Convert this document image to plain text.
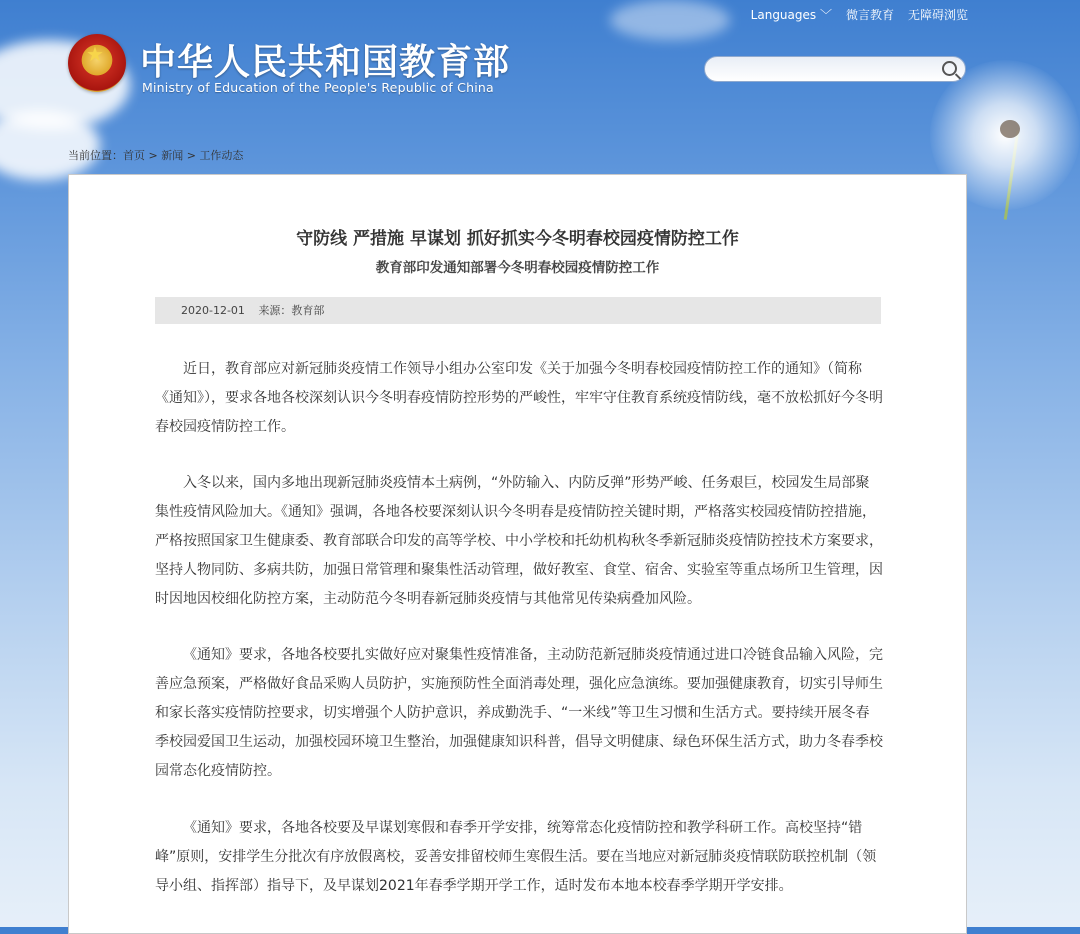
Languages ﹀ 微言教育 无障碍浏览
★ 中华人民共和国教育部
Ministry of Education of the People's Republic of China
当前位置：首页 > 新闻 > 工作动态
守防线 严措施 早谋划 抓好抓实今冬明春校园疫情防控工作
教育部印发通知部署今冬明春校园疫情防控工作
2020-12-01 来源：教育部

近日，教育部应对新冠肺炎疫情工作领导小组办公室印发《关于加强今冬明春校园疫情防控工作的通知》（简称《通知》），要求各地各校深刻认识今冬明春疫情防控形势的严峻性，牢牢守住教育系统疫情防线，毫不放松抓好今冬明春校园疫情防控工作。

入冬以来，国内多地出现新冠肺炎疫情本土病例，“外防输入、内防反弹”形势严峻、任务艰巨，校园发生局部聚集性疫情风险加大。《通知》强调，各地各校要深刻认识今冬明春是疫情防控关键时期，严格落实校园疫情防控措施，严格按照国家卫生健康委、教育部联合印发的高等学校、中小学校和托幼机构秋冬季新冠肺炎疫情防控技术方案要求，坚持人物同防、多病共防，加强日常管理和聚集性活动管理，做好教室、食堂、宿舍、实验室等重点场所卫生管理，因时因地因校细化防控方案，主动防范今冬明春新冠肺炎疫情与其他常见传染病叠加风险。

《通知》要求，各地各校要扎实做好应对聚集性疫情准备，主动防范新冠肺炎疫情通过进口冷链食品输入风险，完善应急预案，严格做好食品采购人员防护，实施预防性全面消毒处理，强化应急演练。要加强健康教育，切实引导师生和家长落实疫情防控要求，切实增强个人防护意识，养成勤洗手、“一米线”等卫生习惯和生活方式。要持续开展冬春季校园爱国卫生运动，加强校园环境卫生整治，加强健康知识科普，倡导文明健康、绿色环保生活方式，助力冬春季校园常态化疫情防控。

《通知》要求，各地各校要及早谋划寒假和春季开学安排，统筹常态化疫情防控和教学科研工作。高校坚持“错峰”原则，安排学生分批次有序放假离校，妥善安排留校师生寒假生活。要在当地应对新冠肺炎疫情联防联控机制（领导小组、指挥部）指导下，及早谋划2021年春季学期开学工作，适时发布本地本校春季学期开学安排。
